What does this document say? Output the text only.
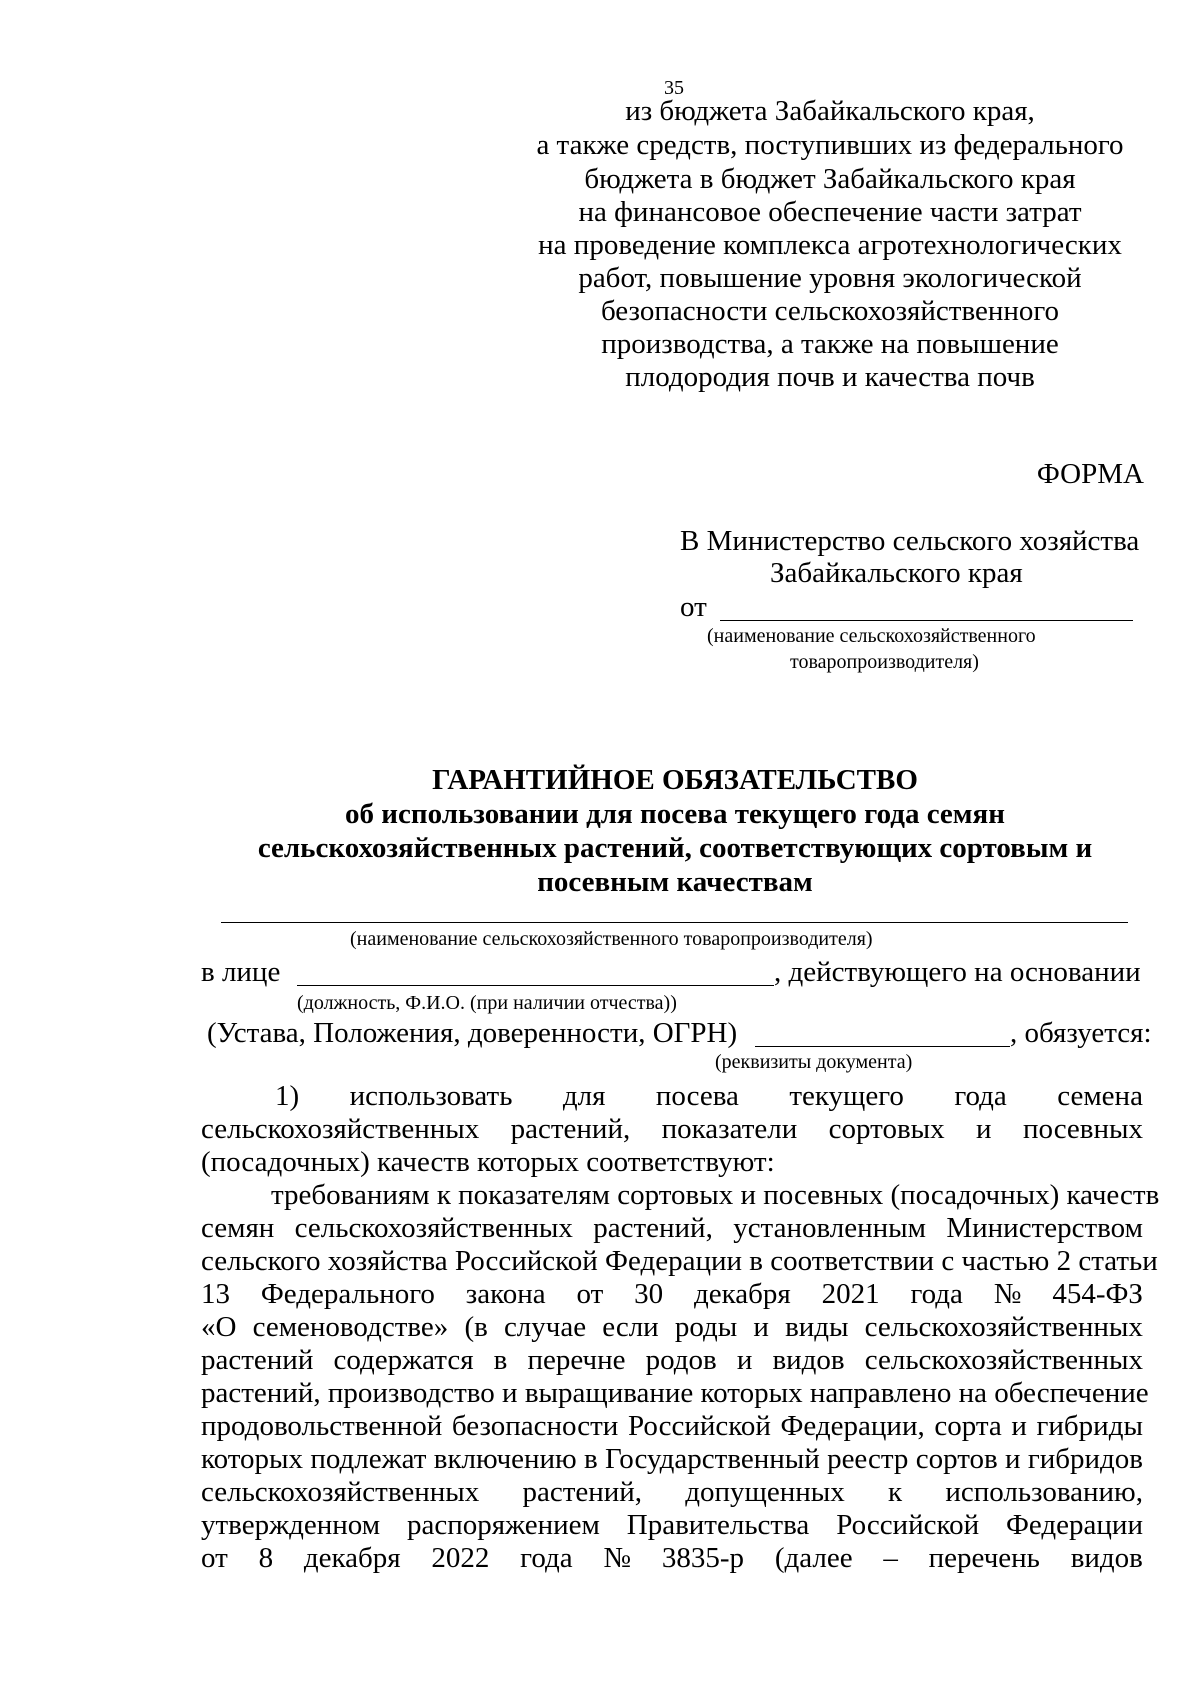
35
из бюджета Забайкальского края,
а также средств, поступивших из федерального
бюджета в бюджет Забайкальского края
на финансовое обеспечение части затрат
на проведение комплекса агротехнологических
работ, повышение уровня экологической
безопасности сельскохозяйственного
производства, а также на повышение
плодородия почв и качества почв
ФОРМА
В Министерство сельского хозяйства
Забайкальского края
от
(наименование сельскохозяйственного
товаропроизводителя)
ГАРАНТИЙНОЕ ОБЯЗАТЕЛЬСТВО
об использовании для посева текущего года семян
сельскохозяйственных растений, соответствующих сортовым и
посевным качествам
(наименование сельскохозяйственного товаропроизводителя)
в лице	, действующего на основании
(должность, Ф.И.О. (при наличии отчества))
(Устава, Положения, доверенности, ОГРН)	, обязуется:
(реквизиты документа)
1) использовать для посева текущего года семена
сельскохозяйственных растений, показатели сортовых и посевных
(посадочных) качеств которых соответствуют:
требованиям к показателям сортовых и посевных (посадочных) качеств
семян сельскохозяйственных растений, установленным Министерством
сельского хозяйства Российской Федерации в соответствии с частью 2 статьи
13 Федерального закона от 30 декабря 2021 года № 454-ФЗ
«О семеноводстве» (в случае если роды и виды сельскохозяйственных
растений содержатся в перечне родов и видов сельскохозяйственных
растений, производство и выращивание которых направлено на обеспечение
продовольственной безопасности Российской Федерации, сорта и гибриды
которых подлежат включению в Государственный реестр сортов и гибридов
сельскохозяйственных растений, допущенных к использованию,
утвержденном распоряжением Правительства Российской Федерации
от 8 декабря 2022 года № 3835-р (далее – перечень видов
